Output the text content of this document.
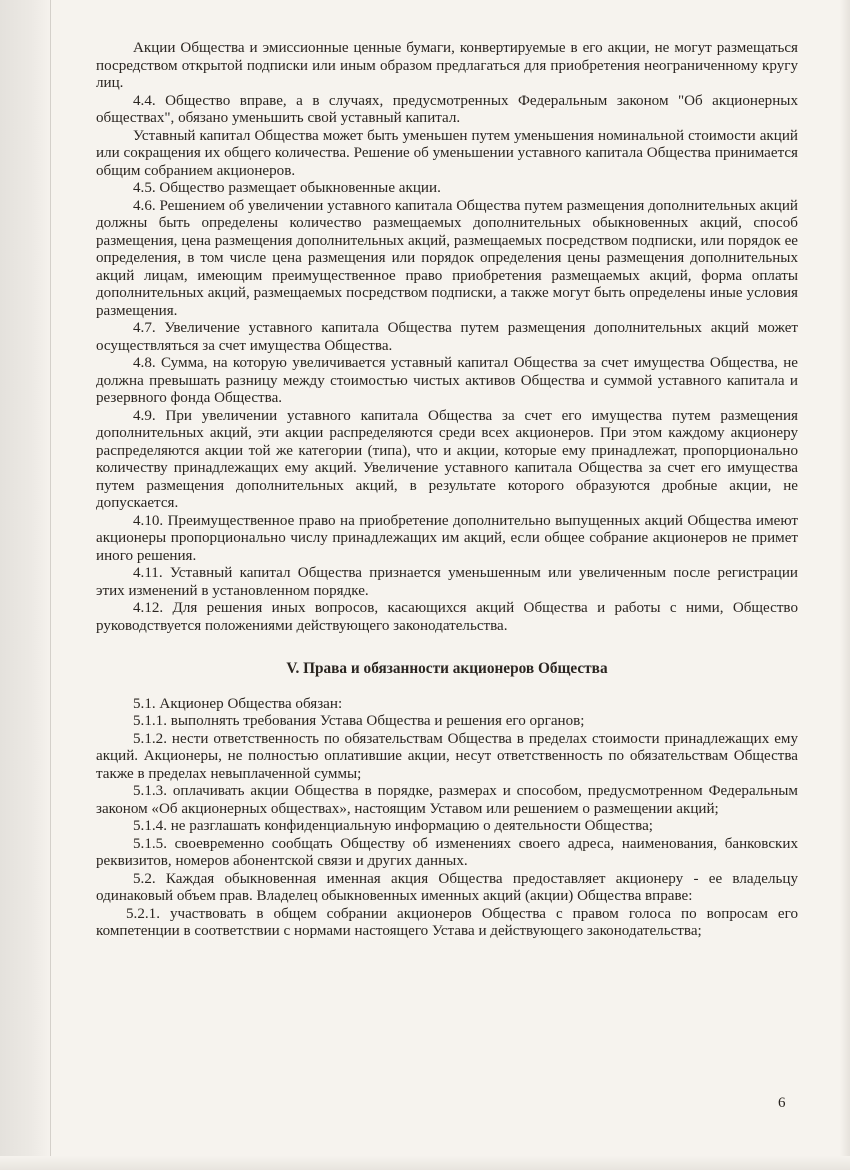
Акции Общества и эмиссионные ценные бумаги, конвертируемые в его акции, не могут размещаться посредством открытой подписки или иным образом предлагаться для приобретения неограниченному кругу лиц.

4.4. Общество вправе, а в случаях, предусмотренных Федеральным законом "Об акционерных обществах", обязано уменьшить свой уставный капитал.

Уставный капитал Общества может быть уменьшен путем уменьшения номинальной стоимости акций или сокращения их общего количества. Решение об уменьшении уставного капитала Общества принимается общим собранием акционеров.

4.5. Общество размещает обыкновенные акции.

4.6. Решением об увеличении уставного капитала Общества путем размещения дополнительных акций должны быть определены количество размещаемых дополнительных обыкновенных акций, способ размещения, цена размещения дополнительных акций, размещаемых посредством подписки, или порядок ее определения, в том числе цена размещения или порядок определения цены размещения дополнительных акций лицам, имеющим преимущественное право приобретения размещаемых акций, форма оплаты дополнительных акций, размещаемых посредством подписки, а также могут быть определены иные условия размещения.

4.7. Увеличение уставного капитала Общества путем размещения дополнительных акций может осуществляться за счет имущества Общества.

4.8. Сумма, на которую увеличивается уставный капитал Общества за счет имущества Общества, не должна превышать разницу между стоимостью чистых активов Общества и суммой уставного капитала и резервного фонда Общества.

4.9. При увеличении уставного капитала Общества за счет его имущества путем размещения дополнительных акций, эти акции распределяются среди всех акционеров. При этом каждому акционеру распределяются акции той же категории (типа), что и акции, которые ему принадлежат, пропорционально количеству принадлежащих ему акций. Увеличение уставного капитала Общества за счет его имущества путем размещения дополнительных акций, в результате которого образуются дробные акции, не допускается.

4.10. Преимущественное право на приобретение дополнительно выпущенных акций Общества имеют акционеры пропорционально числу принадлежащих им акций, если общее собрание акционеров не примет иного решения.

4.11. Уставный капитал Общества признается уменьшенным или увеличенным после регистрации этих изменений в установленном порядке.

4.12. Для решения иных вопросов, касающихся акций Общества и работы с ними, Общество руководствуется положениями действующего законодательства.

V. Права и обязанности акционеров Общества

5.1. Акционер Общества обязан:

5.1.1. выполнять требования Устава Общества и решения его органов;

5.1.2. нести ответственность по обязательствам Общества в пределах стоимости принадлежащих ему акций. Акционеры, не полностью оплатившие акции, несут ответственность по обязательствам Общества также в пределах невыплаченной суммы;

5.1.3. оплачивать акции Общества в порядке, размерах и способом, предусмотренном Федеральным законом «Об акционерных обществах», настоящим Уставом или решением о размещении акций;

5.1.4. не разглашать конфиденциальную информацию о деятельности Общества;

5.1.5. своевременно сообщать Обществу об изменениях своего адреса, наименования, банковских реквизитов, номеров абонентской связи и других данных.

5.2. Каждая обыкновенная именная акция Общества предоставляет акционеру - ее владельцу одинаковый объем прав. Владелец обыкновенных именных акций (акции) Общества вправе:

5.2.1. участвовать в общем собрании акционеров Общества с правом голоса по вопросам его компетенции в соответствии с нормами настоящего Устава и действующего законодательства;

6
